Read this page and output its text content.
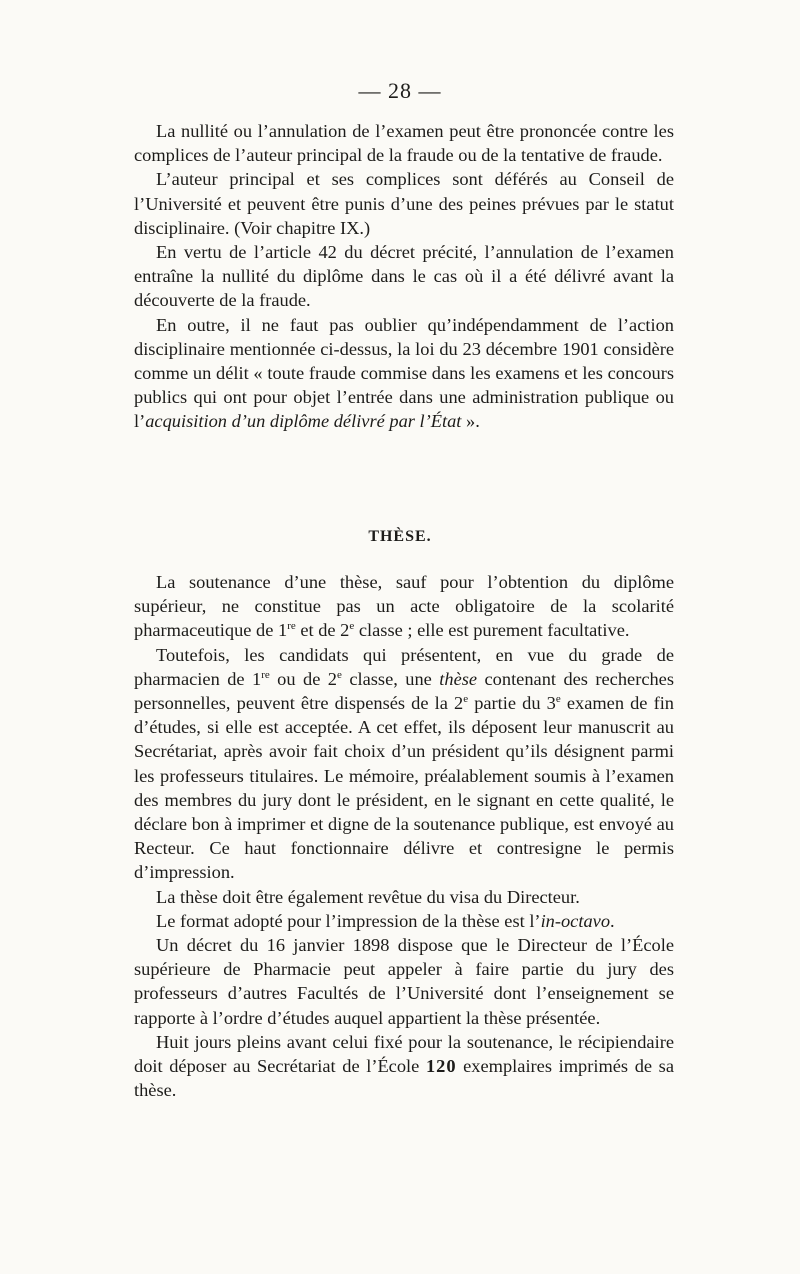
— 28 —

La nullité ou l’annulation de l’examen peut être prononcée contre les complices de l’auteur principal de la fraude ou de la tentative de fraude.

L’auteur principal et ses complices sont déférés au Conseil de l’Université et peuvent être punis d’une des peines prévues par le statut disciplinaire. (Voir chapitre IX.)

En vertu de l’article 42 du décret précité, l’annulation de l’examen entraîne la nullité du diplôme dans le cas où il a été délivré avant la découverte de la fraude.

En outre, il ne faut pas oublier qu’indépendamment de l’action disciplinaire mentionnée ci-dessus, la loi du 23 décembre 1901 considère comme un délit « toute fraude commise dans les examens et les concours publics qui ont pour objet l’entrée dans une administration publique ou l’acquisition d’un diplôme délivré par l’État ».

THÈSE.

La soutenance d’une thèse, sauf pour l’obtention du diplôme supérieur, ne constitue pas un acte obligatoire de la scolarité pharmaceutique de 1re et de 2e classe ; elle est purement facultative.

Toutefois, les candidats qui présentent, en vue du grade de pharmacien de 1re ou de 2e classe, une thèse contenant des recherches personnelles, peuvent être dispensés de la 2e partie du 3e examen de fin d’études, si elle est acceptée. A cet effet, ils déposent leur manuscrit au Secrétariat, après avoir fait choix d’un président qu’ils désignent parmi les professeurs titulaires. Le mémoire, préalablement soumis à l’examen des membres du jury dont le président, en le signant en cette qualité, le déclare bon à imprimer et digne de la soutenance publique, est envoyé au Recteur. Ce haut fonctionnaire délivre et contresigne le permis d’impression.

La thèse doit être également revêtue du visa du Directeur.

Le format adopté pour l’impression de la thèse est l’in-octavo.

Un décret du 16 janvier 1898 dispose que le Directeur de l’École supérieure de Pharmacie peut appeler à faire partie du jury des professeurs d’autres Facultés de l’Université dont l’enseignement se rapporte à l’ordre d’études auquel appartient la thèse présentée.

Huit jours pleins avant celui fixé pour la soutenance, le récipiendaire doit déposer au Secrétariat de l’École 120 exemplaires imprimés de sa thèse.
